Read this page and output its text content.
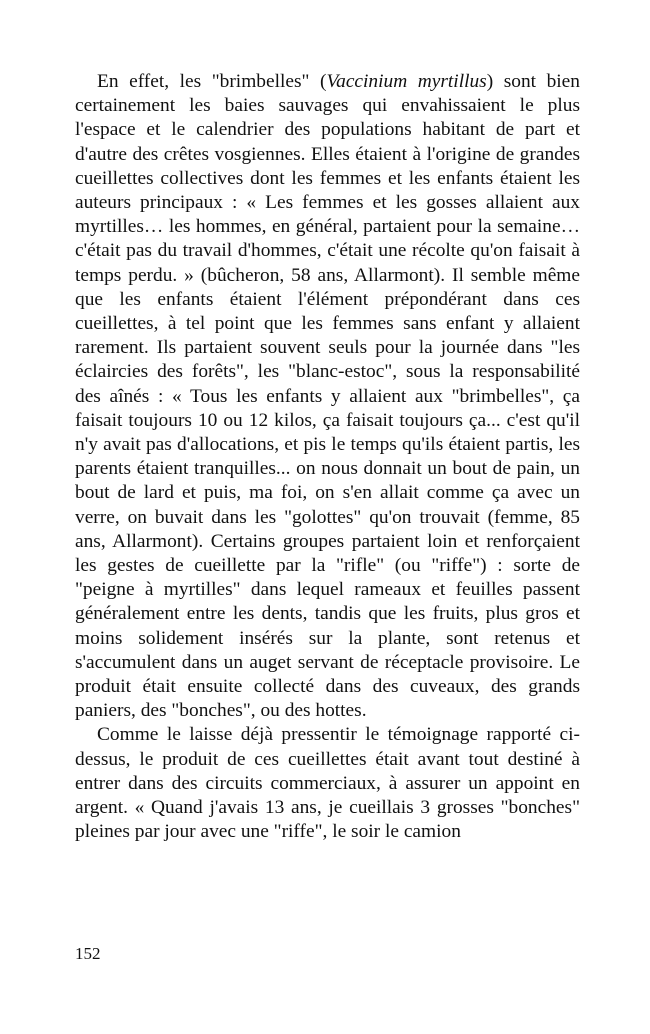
En effet, les "brimbelles" (Vaccinium myrtillus) sont bien certainement les baies sauvages qui envahissaient le plus l'espace et le calendrier des populations habitant de part et d'autre des crêtes vosgiennes. Elles étaient à l'origine de grandes cueillettes collectives dont les femmes et les enfants étaient les auteurs principaux : « Les femmes et les gosses allaient aux myrtilles… les hommes, en général, partaient pour la semaine… c'était pas du travail d'hommes, c'était une récolte qu'on faisait à temps perdu. » (bûcheron, 58 ans, Allarmont). Il semble même que les enfants étaient l'élément prépondérant dans ces cueillettes, à tel point que les femmes sans enfant y allaient rarement. Ils partaient souvent seuls pour la journée dans "les éclaircies des forêts", les "blanc-estoc", sous la responsabilité des aînés : « Tous les enfants y allaient aux "brimbelles", ça faisait toujours 10 ou 12 kilos, ça faisait toujours ça... c'est qu'il n'y avait pas d'allocations, et pis le temps qu'ils étaient partis, les parents étaient tranquilles... on nous donnait un bout de pain, un bout de lard et puis, ma foi, on s'en allait comme ça avec un verre, on buvait dans les "golottes" qu'on trouvait (femme, 85 ans, Allarmont). Certains groupes partaient loin et renforçaient les gestes de cueillette par la "rifle" (ou "riffe") : sorte de "peigne à myrtilles" dans lequel rameaux et feuilles passent généralement entre les dents, tandis que les fruits, plus gros et moins solidement insérés sur la plante, sont retenus et s'accumulent dans un auget servant de réceptacle provisoire. Le produit était ensuite collecté dans des cuveaux, des grands paniers, des "bonches", ou des hottes.

Comme le laisse déjà pressentir le témoignage rapporté ci-dessus, le produit de ces cueillettes était avant tout destiné à entrer dans des circuits commerciaux, à assurer un appoint en argent. « Quand j'avais 13 ans, je cueillais 3 grosses "bonches" pleines par jour avec une "riffe", le soir le camion

152
